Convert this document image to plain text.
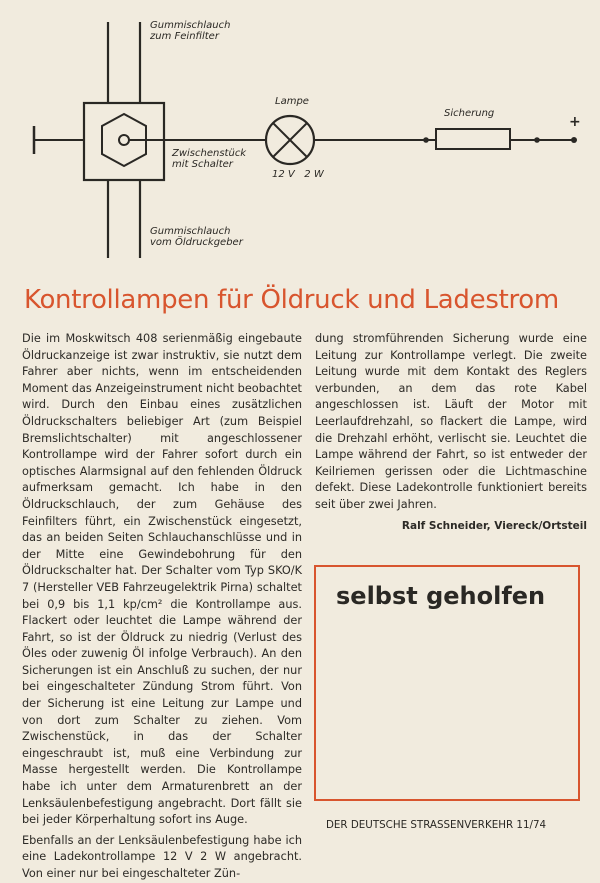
Gummischlauch
zum Feinfilter
Lampe
Sicherung
+
Zwischenstück
mit Schalter
12 V   2 W
Gummischlauch
vom Öldruckgeber
Kontrollampen für Öldruck und Ladestrom

Die im Moskwitsch 408 serienmäßig eingebaute Öldruckanzeige ist zwar instruktiv, sie nutzt dem Fahrer aber nichts, wenn im entscheidenden Moment das Anzeigeinstrument nicht beobachtet wird. Durch den Einbau eines zusätzlichen Öldruckschalters beliebiger Art (zum Beispiel Bremslichtschalter) mit angeschlossener Kontrollampe wird der Fahrer sofort durch ein optisches Alarmsignal auf den fehlenden Öldruck aufmerksam gemacht. Ich habe in den Öldruckschlauch, der zum Gehäuse des Feinfilters führt, ein Zwischenstück eingesetzt, das an beiden Seiten Schlauchanschlüsse und in der Mitte eine Gewindebohrung für den Öldruckschalter hat. Der Schalter vom Typ SKO/K 7 (Hersteller VEB Fahrzeugelektrik Pirna) schaltet bei 0,9 bis 1,1 kp/cm² die Kontrollampe aus. Flackert oder leuchtet die Lampe während der Fahrt, so ist der Öldruck zu niedrig (Verlust des Öles oder zuwenig Öl infolge Verbrauch). An den Sicherungen ist ein Anschluß zu suchen, der nur bei eingeschalteter Zündung Strom führt. Von der Sicherung ist eine Leitung zur Lampe und von dort zum Schalter zu ziehen. Vom Zwischenstück, in das der Schalter eingeschraubt ist, muß eine Verbindung zur Masse hergestellt werden. Die Kontrollampe habe ich unter dem Armaturenbrett an der Lenksäulenbefestigung angebracht. Dort fällt sie bei jeder Körperhaltung sofort ins Auge.

Ebenfalls an der Lenksäulenbefestigung habe ich eine Ladekontrollampe 12 V 2 W angebracht. Von einer nur bei eingeschalteter Zün-

dung stromführenden Sicherung wurde eine Leitung zur Kontrollampe verlegt. Die zweite Leitung wurde mit dem Kontakt des Reglers verbunden, an dem das rote Kabel angeschlossen ist. Läuft der Motor mit Leerlaufdrehzahl, so flackert die Lampe, wird die Drehzahl erhöht, verlischt sie. Leuchtet die Lampe während der Fahrt, so ist entweder der Keilriemen gerissen oder die Lichtmaschine defekt. Diese Ladekontrolle funktioniert bereits seit über zwei Jahren.

Ralf Schneider, Viereck/Ortsteil
selbst geholfen
DER DEUTSCHE STRASSENVERKEHR 11/74
